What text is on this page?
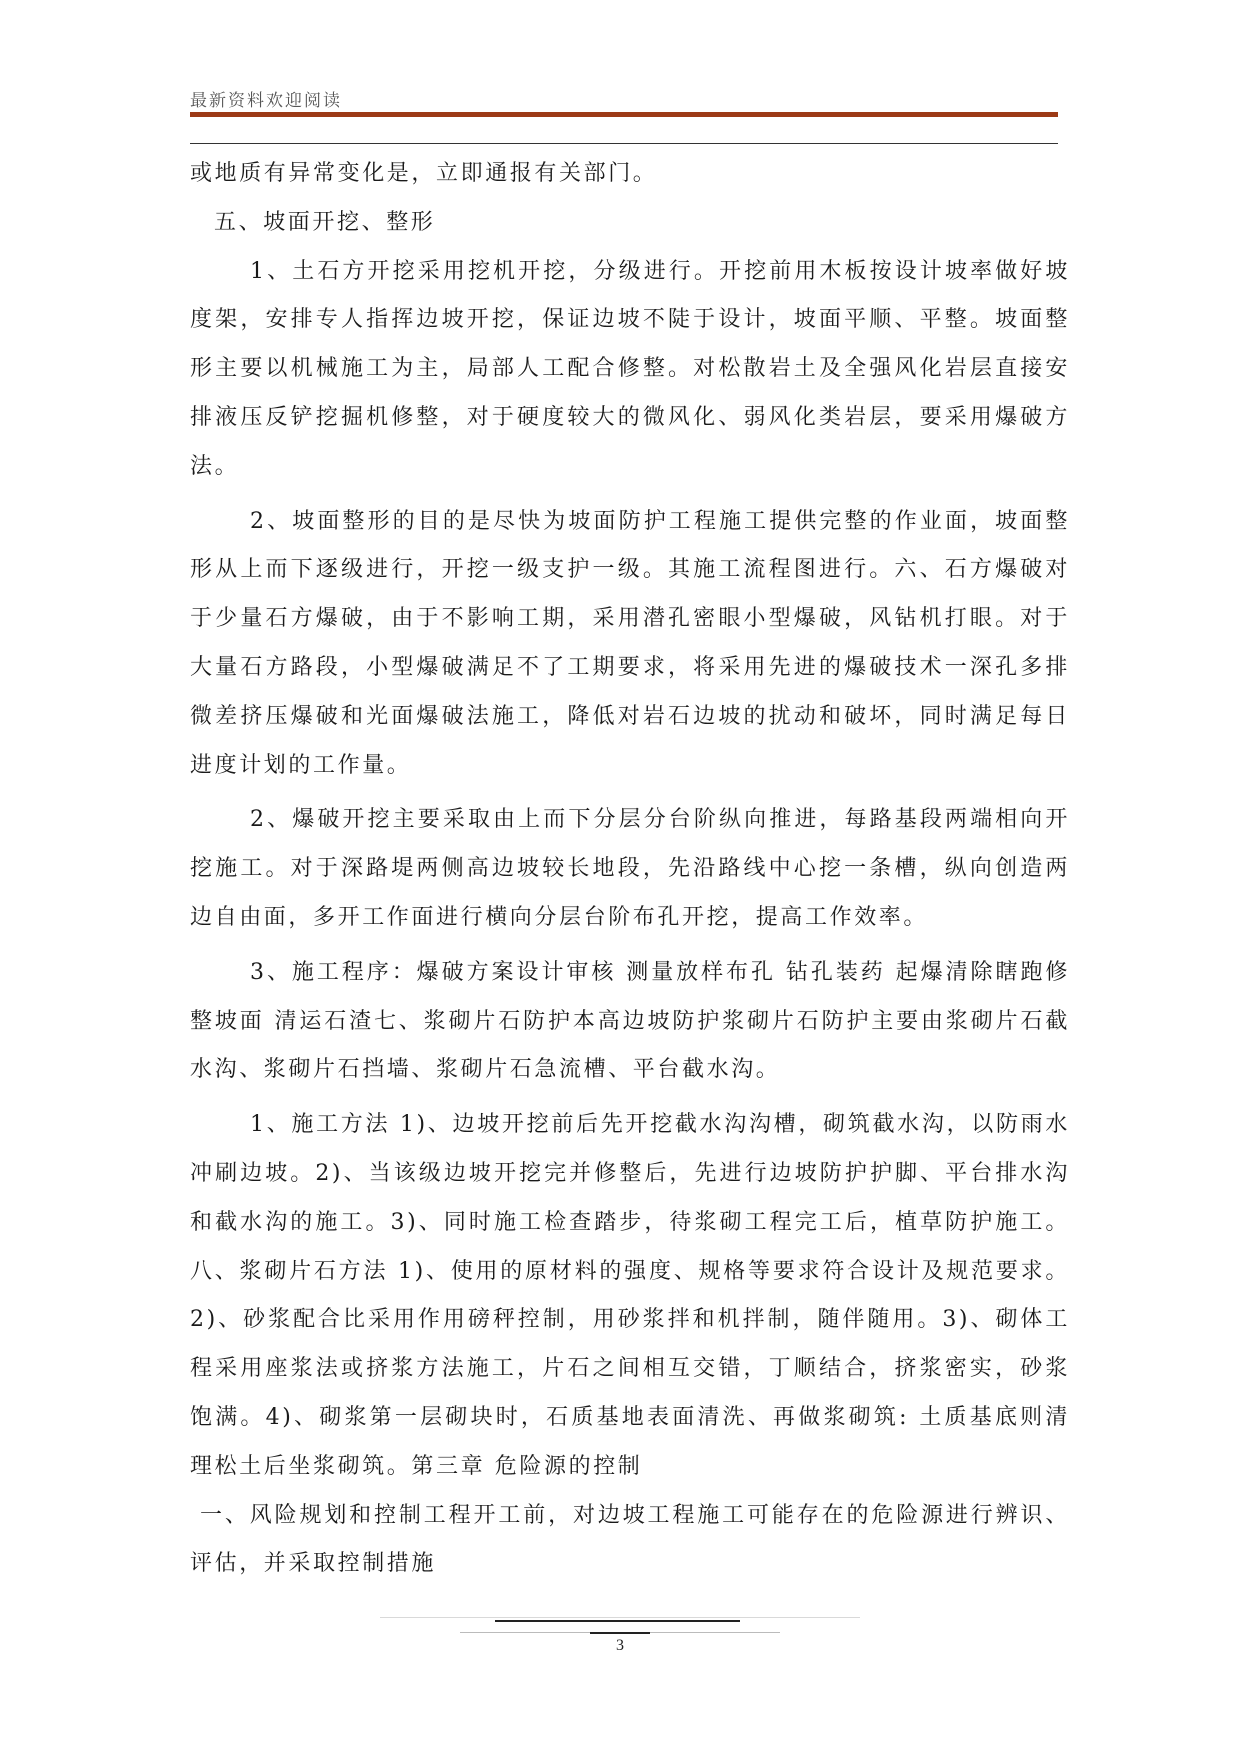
最新资料欢迎阅读

或地质有异常变化是，立即通报有关部门。

五、坡面开挖、整形

1、土石方开挖采用挖机开挖，分级进行。开挖前用木板按设计坡率做好坡度架，安排专人指挥边坡开挖，保证边坡不陡于设计，坡面平顺、平整。坡面整形主要以机械施工为主，局部人工配合修整。对松散岩土及全强风化岩层直接安排液压反铲挖掘机修整，对于硬度较大的微风化、弱风化类岩层，要采用爆破方法。

2、坡面整形的目的是尽快为坡面防护工程施工提供完整的作业面，坡面整形从上而下逐级进行，开挖一级支护一级。其施工流程图进行。六、石方爆破对于少量石方爆破，由于不影响工期，采用潜孔密眼小型爆破，风钻机打眼。对于大量石方路段，小型爆破满足不了工期要求，将采用先进的爆破技术一深孔多排微差挤压爆破和光面爆破法施工，降低对岩石边坡的扰动和破坏，同时满足每日进度计划的工作量。

2、爆破开挖主要采取由上而下分层分台阶纵向推进，每路基段两端相向开挖施工。对于深路堤两侧高边坡较长地段，先沿路线中心挖一条槽，纵向创造两边自由面，多开工作面进行横向分层台阶布孔开挖，提高工作效率。

3、施工程序：爆破方案设计审核 测量放样布孔 钻孔装药 起爆清除瞎跑修整坡面 清运石渣七、浆砌片石防护本高边坡防护浆砌片石防护主要由浆砌片石截水沟、浆砌片石挡墙、浆砌片石急流槽、平台截水沟。

1、施工方法 1)、边坡开挖前后先开挖截水沟沟槽，砌筑截水沟，以防雨水冲刷边坡。2)、当该级边坡开挖完并修整后，先进行边坡防护护脚、平台排水沟和截水沟的施工。3)、同时施工检查踏步，待浆砌工程完工后，植草防护施工。八、浆砌片石方法 1)、使用的原材料的强度、规格等要求符合设计及规范要求。2)、砂浆配合比采用作用磅秤控制，用砂浆拌和机拌制，随伴随用。3)、砌体工程采用座浆法或挤浆方法施工，片石之间相互交错，丁顺结合，挤浆密实，砂浆饱满。4)、砌浆第一层砌块时，石质基地表面清洗、再做浆砌筑: 土质基底则清理松土后坐浆砌筑。第三章 危险源的控制

一、风险规划和控制工程开工前，对边坡工程施工可能存在的危险源进行辨识、评估，并采取控制措施

3
